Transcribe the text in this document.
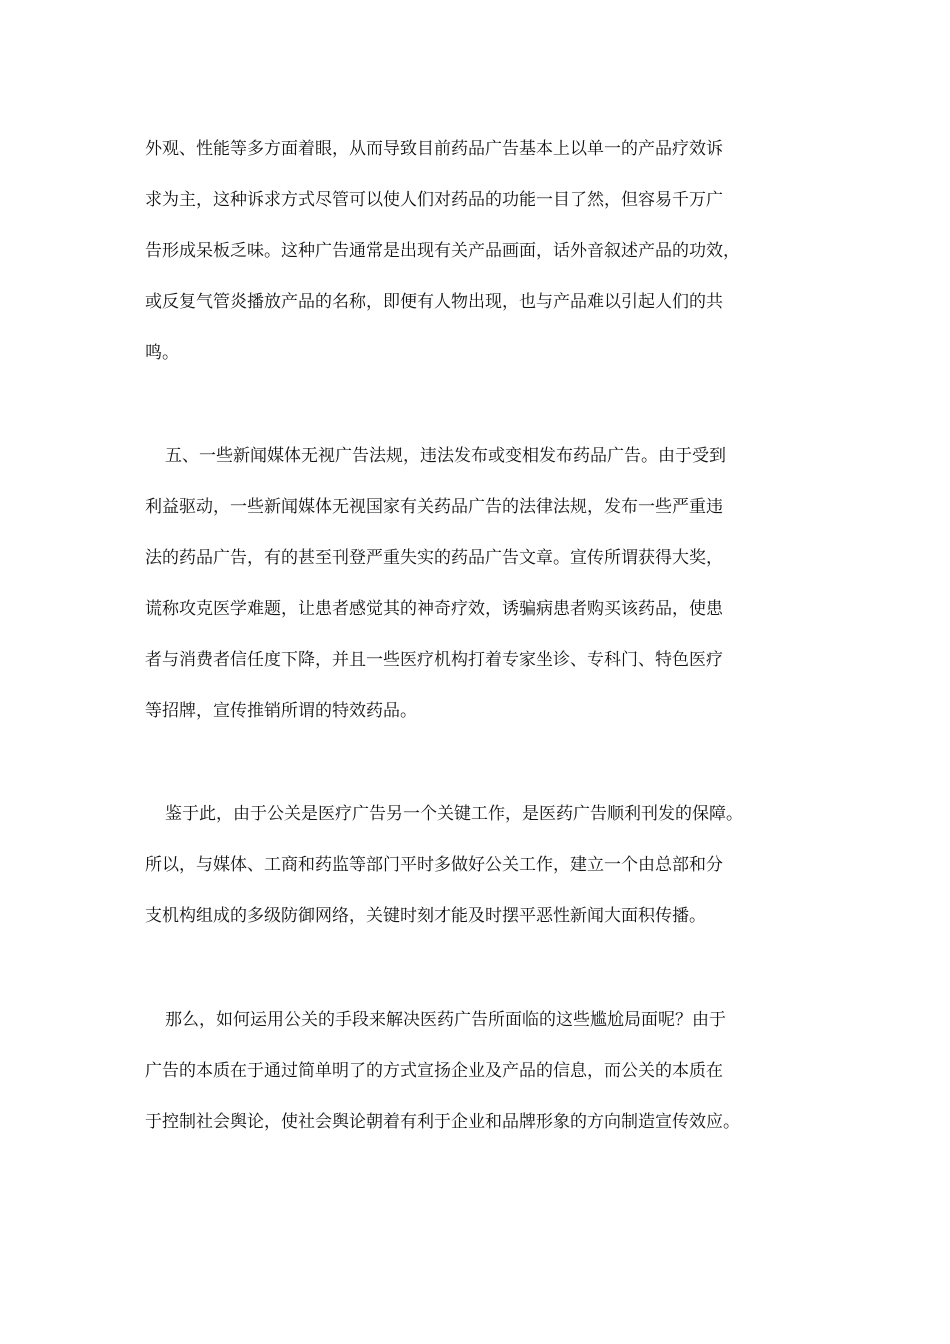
外观、性能等多方面着眼，从而导致目前药品广告基本上以单一的产品疗效诉
求为主，这种诉求方式尽管可以使人们对药品的功能一目了然，但容易千万广
告形成呆板乏味。这种广告通常是出现有关产品画面，话外音叙述产品的功效，
或反复气管炎播放产品的名称，即便有人物出现，也与产品难以引起人们的共
鸣。
五、一些新闻媒体无视广告法规，违法发布或变相发布药品广告。由于受到
利益驱动，一些新闻媒体无视国家有关药品广告的法律法规，发布一些严重违
法的药品广告，有的甚至刊登严重失实的药品广告文章。宣传所谓获得大奖，
谎称攻克医学难题，让患者感觉其的神奇疗效，诱骗病患者购买该药品，使患
者与消费者信任度下降，并且一些医疗机构打着专家坐诊、专科门、特色医疗
等招牌，宣传推销所谓的特效药品。
鉴于此，由于公关是医疗广告另一个关键工作，是医药广告顺利刊发的保障。
所以，与媒体、工商和药监等部门平时多做好公关工作，建立一个由总部和分
支机构组成的多级防御网络，关键时刻才能及时摆平恶性新闻大面积传播。
那么，如何运用公关的手段来解决医药广告所面临的这些尴尬局面呢？由于
广告的本质在于通过简单明了的方式宣扬企业及产品的信息，而公关的本质在
于控制社会舆论，使社会舆论朝着有利于企业和品牌形象的方向制造宣传效应。
